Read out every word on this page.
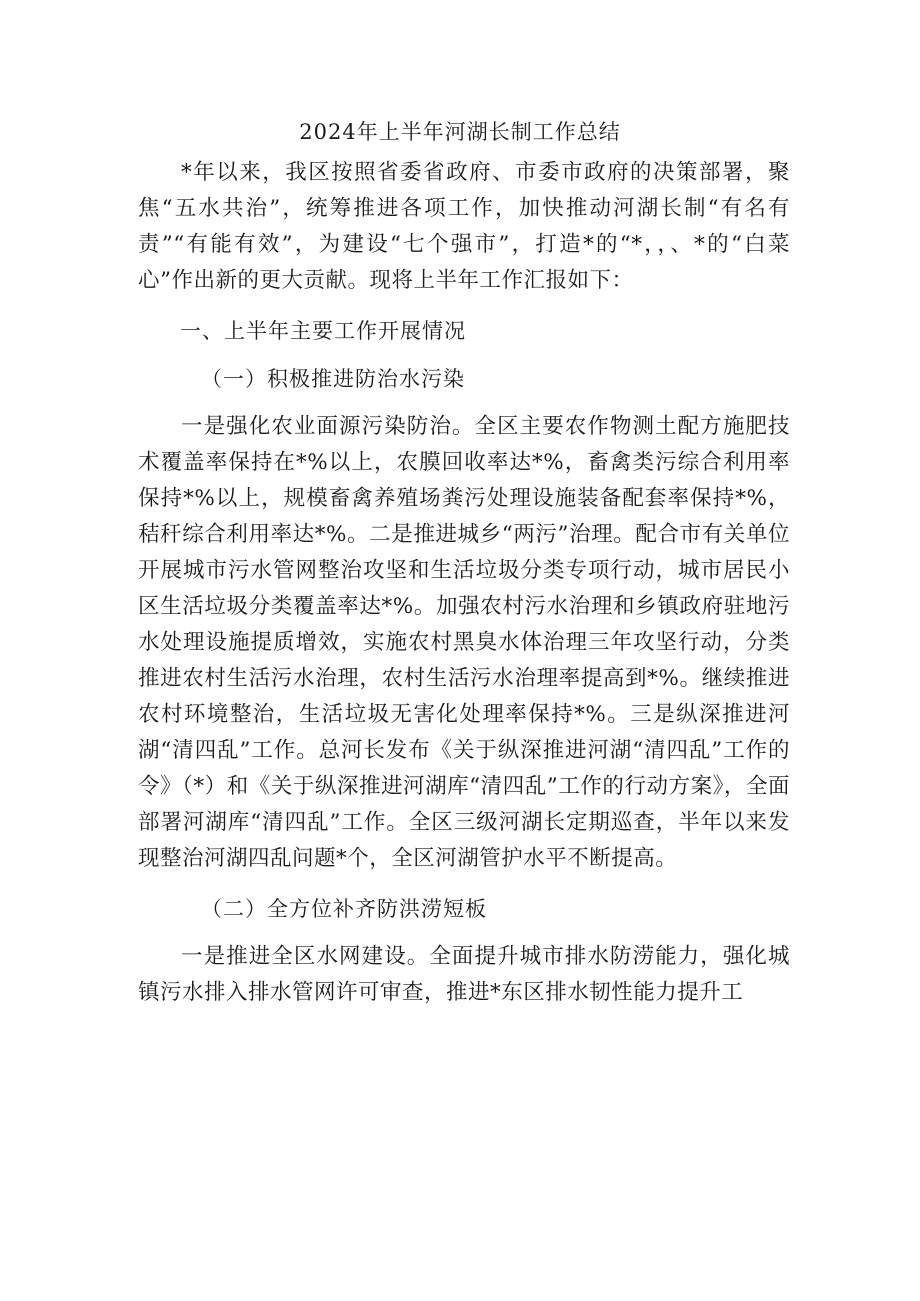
2024年上半年河湖长制工作总结

*年以来，我区按照省委省政府、市委市政府的决策部署，聚焦“五水共治”，统筹推进各项工作，加快推动河湖长制“有名有责”“有能有效”，为建设“七个强市”，打造*的“*，，、*的“白菜心”作出新的更大贡献。现将上半年工作汇报如下：

一、上半年主要工作开展情况

（一）积极推进防治水污染

一是强化农业面源污染防治。全区主要农作物测土配方施肥技术覆盖率保持在*%以上，农膜回收率达*%，畜禽类污综合利用率保持*%以上，规模畜禽养殖场粪污处理设施装备配套率保持*%，秸秆综合利用率达*%。二是推进城乡“两污”治理。配合市有关单位开展城市污水管网整治攻坚和生活垃圾分类专项行动，城市居民小区生活垃圾分类覆盖率达*%。加强农村污水治理和乡镇政府驻地污水处理设施提质增效，实施农村黑臭水体治理三年攻坚行动，分类推进农村生活污水治理，农村生活污水治理率提高到*%。继续推进农村环境整治，生活垃圾无害化处理率保持*%。三是纵深推进河湖“清四乱”工作。总河长发布《关于纵深推进河湖“清四乱”工作的令》（*）和《关于纵深推进河湖库“清四乱”工作的行动方案》，全面部署河湖库“清四乱”工作。全区三级河湖长定期巡查，半年以来发现整治河湖四乱问题*个，全区河湖管护水平不断提高。

（二）全方位补齐防洪涝短板

一是推进全区水网建设。全面提升城市排水防涝能力，强化城镇污水排入排水管网许可审查，推进*东区排水韧性能力提升工
